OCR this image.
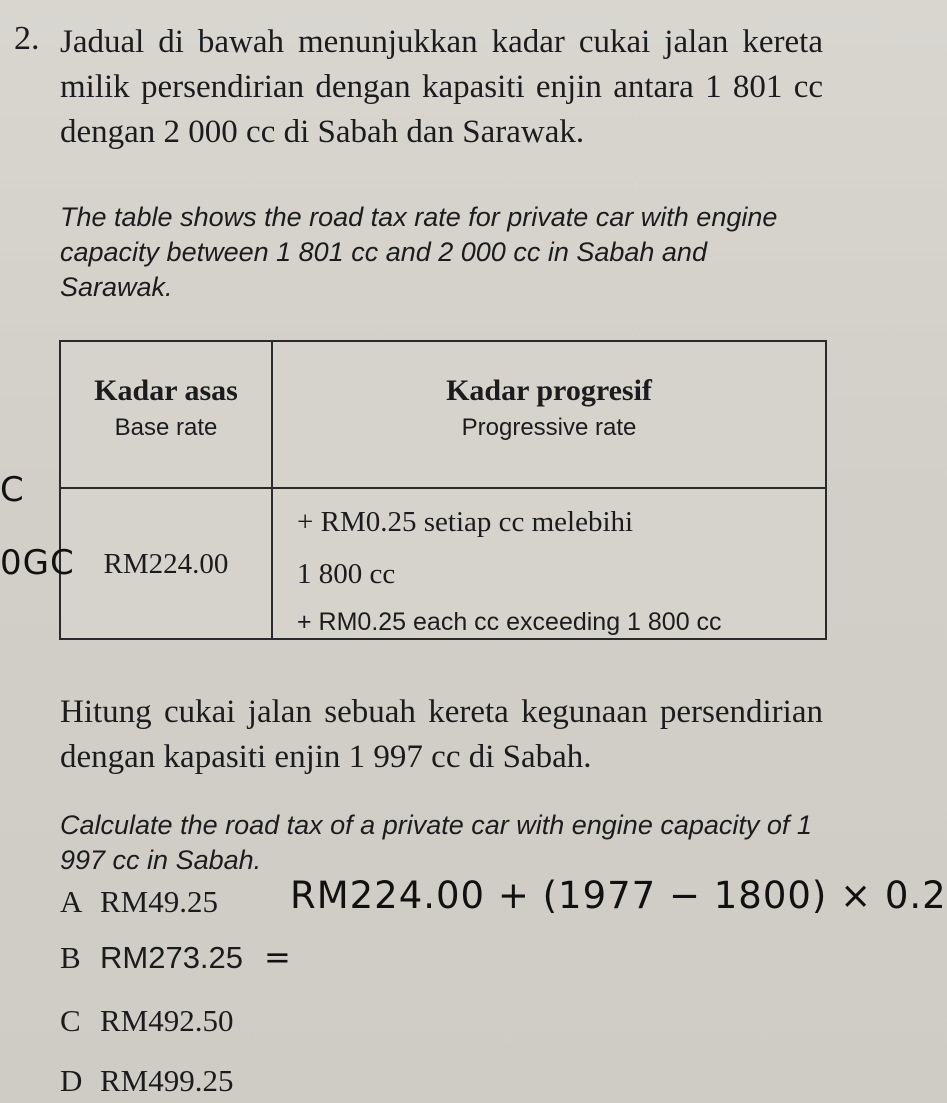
2. Jadual di bawah menunjukkan kadar cukai jalan kereta milik persendirian dengan kapasiti enjin antara 1 801 cc dengan 2 000 cc di Sabah dan Sarawak.
The table shows the road tax rate for private car with engine capacity between 1 801 cc and 2 000 cc in Sabah and Sarawak.
Kadar asas
Base rate
Kadar progresif
Progressive rate
RM224.00
+ RM0.25 setiap cc melebihi
1 800 cc
+ RM0.25 each cc exceeding 1 800 cc
Hitung cukai jalan sebuah kereta kegunaan persendirian dengan kapasiti enjin 1 997 cc di Sabah.
Calculate the road tax of a private car with engine capacity of 1 997 cc in Sabah.
A RM49.25
B RM273.25
C RM492.50
D RM499.25
RM224.00 + (1977 − 1800) × 0.2
=
C
0GC
